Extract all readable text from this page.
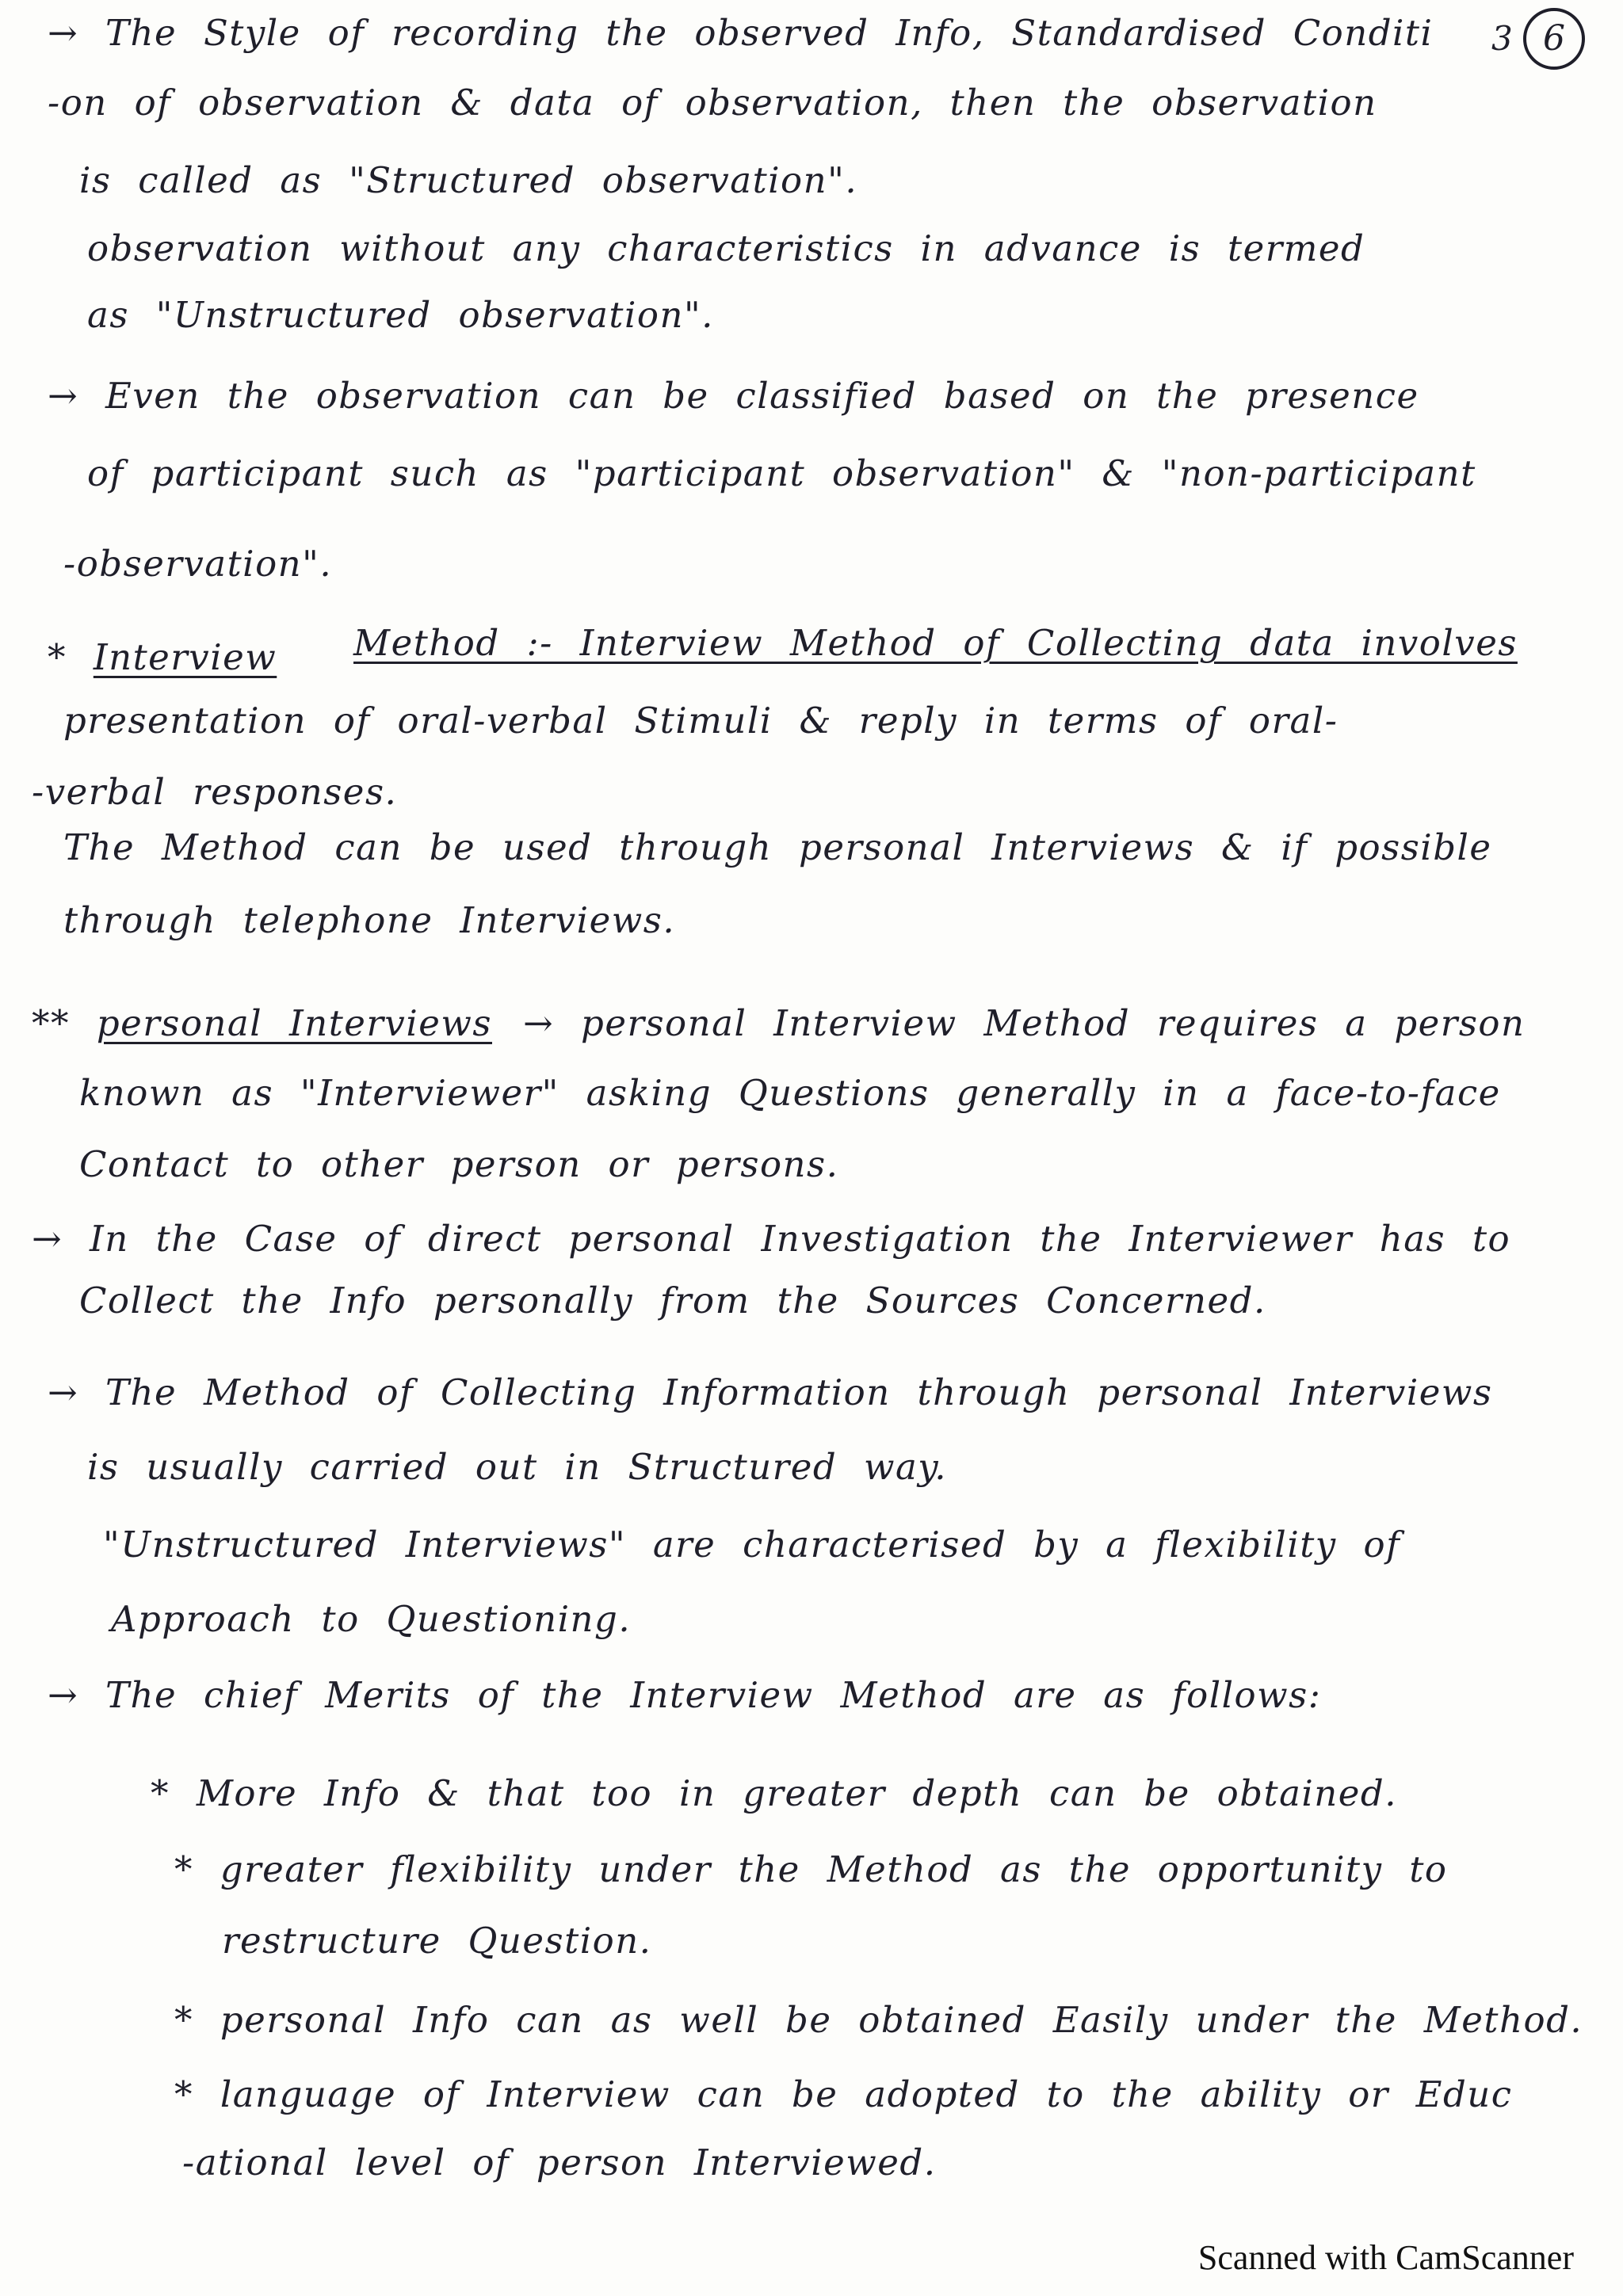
3 6
→ The Style of recording the observed Info, Standardised Conditi
-on of observation & data of observation, then the observation
is called as "Structured observation".
observation without any characteristics in advance is termed
as "Unstructured observation".
→ Even the observation can be classified based on the presence
of participant such as "participant observation" & "non-participant
-observation".
* Interview Method :- Interview Method of Collecting data involves
presentation of oral-verbal Stimuli & reply in terms of oral-
-verbal responses.
The Method can be used through personal Interviews & if possible
through telephone Interviews.
** personal Interviews → personal Interview Method requires a person
known as "Interviewer" asking Questions generally in a face-to-face
Contact to other person or persons.
→ In the Case of direct personal Investigation the Interviewer has to
Collect the Info personally from the Sources Concerned.
→ The Method of Collecting Information through personal Interviews
is usually carried out in Structured way.
"Unstructured Interviews" are characterised by a flexibility of
Approach to Questioning.
→ The chief Merits of the Interview Method are as follows:
* More Info & that too in greater depth can be obtained.
* greater flexibility under the Method as the opportunity to
restructure Question.
* personal Info can as well be obtained Easily under the Method.
* language of Interview can be adopted to the ability or Educ
-ational level of person Interviewed.
Scanned with CamScanner
